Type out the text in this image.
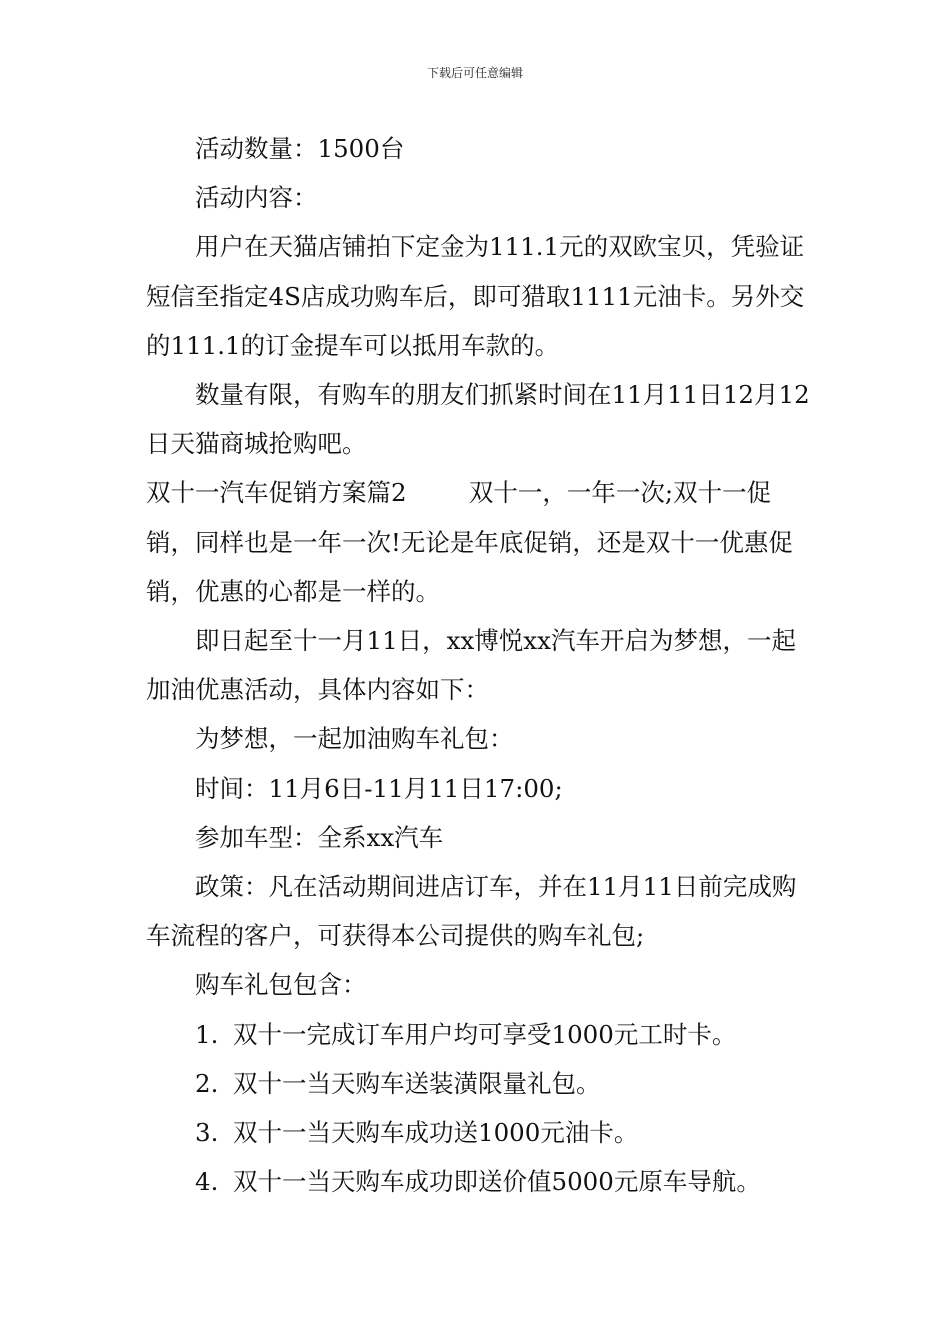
下载后可任意编辑

活动数量：1500台

活动内容：

用户在天猫店铺拍下定金为111.1元的双欧宝贝，凭验证短信至指定4S店成功购车后，即可猎取1111元油卡。另外交的111.1的订金提车可以抵用车款的。

数量有限，有购车的朋友们抓紧时间在11月11日12月12日天猫商城抢购吧。

双十一汽车促销方案篇2	双十一，一年一次;双十一促销，同样也是一年一次!无论是年底促销，还是双十一优惠促销，优惠的心都是一样的。

即日起至十一月11日，xx博悦xx汽车开启为梦想，一起加油优惠活动，具体内容如下：

为梦想，一起加油购车礼包：

时间：11月6日-11月11日17:00;

参加车型：全系xx汽车

政策：凡在活动期间进店订车，并在11月11日前完成购车流程的客户，可获得本公司提供的购车礼包;

购车礼包包含：

1. 双十一完成订车用户均可享受1000元工时卡。
2. 双十一当天购车送装潢限量礼包。
3. 双十一当天购车成功送1000元油卡。
4. 双十一当天购车成功即送价值5000元原车导航。
